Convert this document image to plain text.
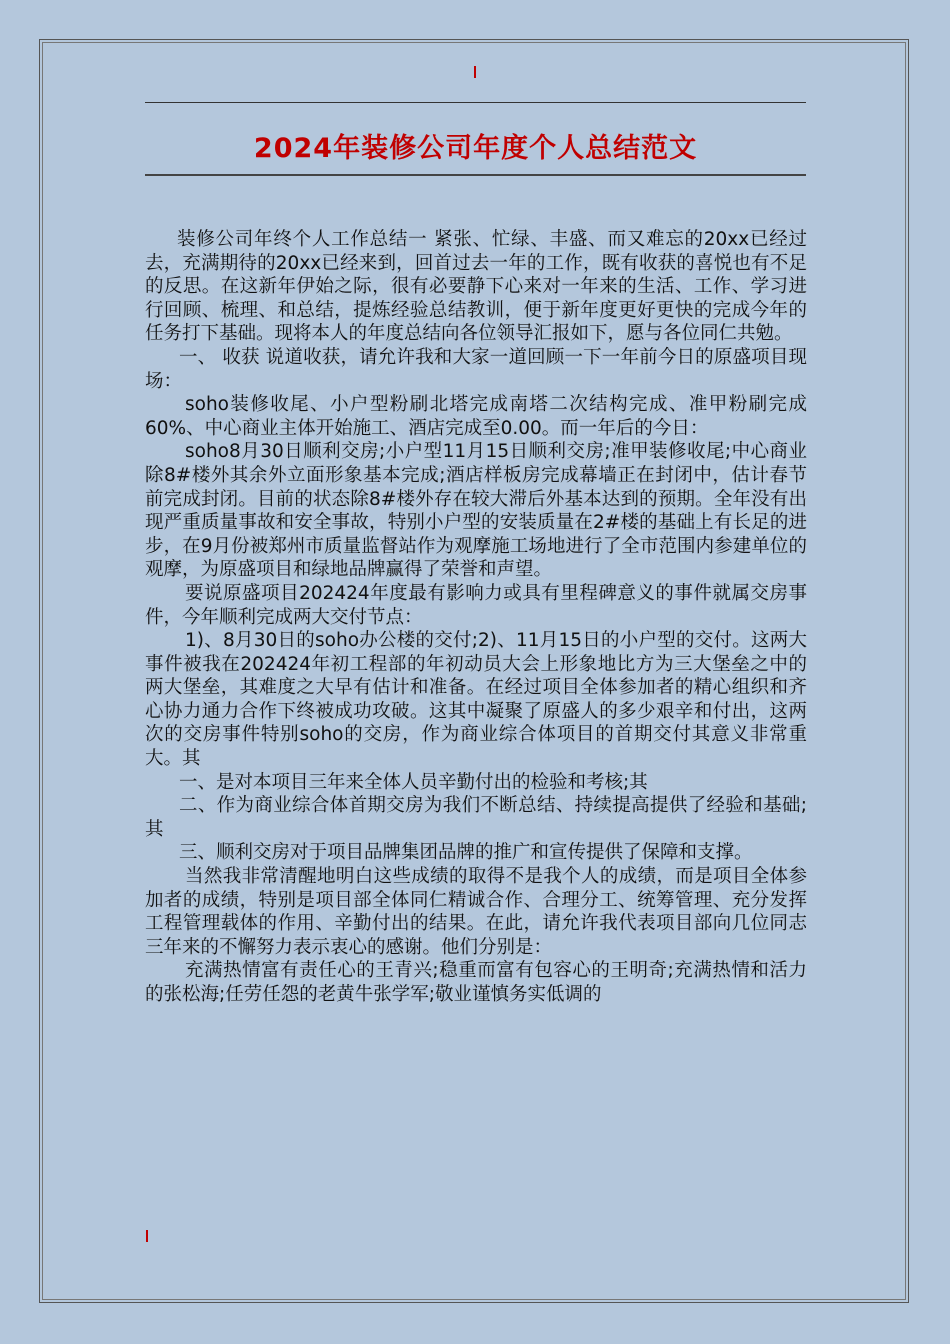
2024年装修公司年度个人总结范文

装修公司年终个人工作总结一 紧张、忙绿、丰盛、而又难忘的20xx已经过去，充满期待的20xx已经来到，回首过去一年的工作，既有收获的喜悦也有不足的反思。在这新年伊始之际，很有必要静下心来对一年来的生活、工作、学习进行回顾、梳理、和总结，提炼经验总结教训，便于新年度更好更快的完成今年的任务打下基础。现将本人的年度总结向各位领导汇报如下，愿与各位同仁共勉。

一、 收获 说道收获，请允许我和大家一道回顾一下一年前今日的原盛项目现场：

soho装修收尾、小户型粉刷北塔完成南塔二次结构完成、准甲粉刷完成60%、中心商业主体开始施工、酒店完成至0.00。而一年后的今日：

soho8月30日顺利交房;小户型11月15日顺利交房;准甲装修收尾;中心商业除8#楼外其余外立面形象基本完成;酒店样板房完成幕墙正在封闭中，估计春节前完成封闭。目前的状态除8#楼外存在较大滞后外基本达到的预期。全年没有出现严重质量事故和安全事故，特别小户型的安装质量在2#楼的基础上有长足的进步，在9月份被郑州市质量监督站作为观摩施工场地进行了全市范围内参建单位的观摩，为原盛项目和绿地品牌赢得了荣誉和声望。

要说原盛项目202424年度最有影响力或具有里程碑意义的事件就属交房事件，今年顺利完成两大交付节点：

1)、8月30日的soho办公楼的交付;2)、11月15日的小户型的交付。这两大事件被我在202424年初工程部的年初动员大会上形象地比方为三大堡垒之中的两大堡垒，其难度之大早有估计和准备。在经过项目全体参加者的精心组织和齐心协力通力合作下终被成功攻破。这其中凝聚了原盛人的多少艰辛和付出，这两次的交房事件特别soho的交房，作为商业综合体项目的首期交付其意义非常重大。其

一、是对本项目三年来全体人员辛勤付出的检验和考核;其

二、作为商业综合体首期交房为我们不断总结、持续提高提供了经验和基础;其

三、顺利交房对于项目品牌集团品牌的推广和宣传提供了保障和支撑。

当然我非常清醒地明白这些成绩的取得不是我个人的成绩，而是项目全体参加者的成绩，特别是项目部全体同仁精诚合作、合理分工、统筹管理、充分发挥工程管理载体的作用、辛勤付出的结果。在此，请允许我代表项目部向几位同志三年来的不懈努力表示衷心的感谢。他们分别是：

充满热情富有责任心的王青兴;稳重而富有包容心的王明奇;充满热情和活力的张松海;任劳任怨的老黄牛张学军;敬业谨慎务实低调的
